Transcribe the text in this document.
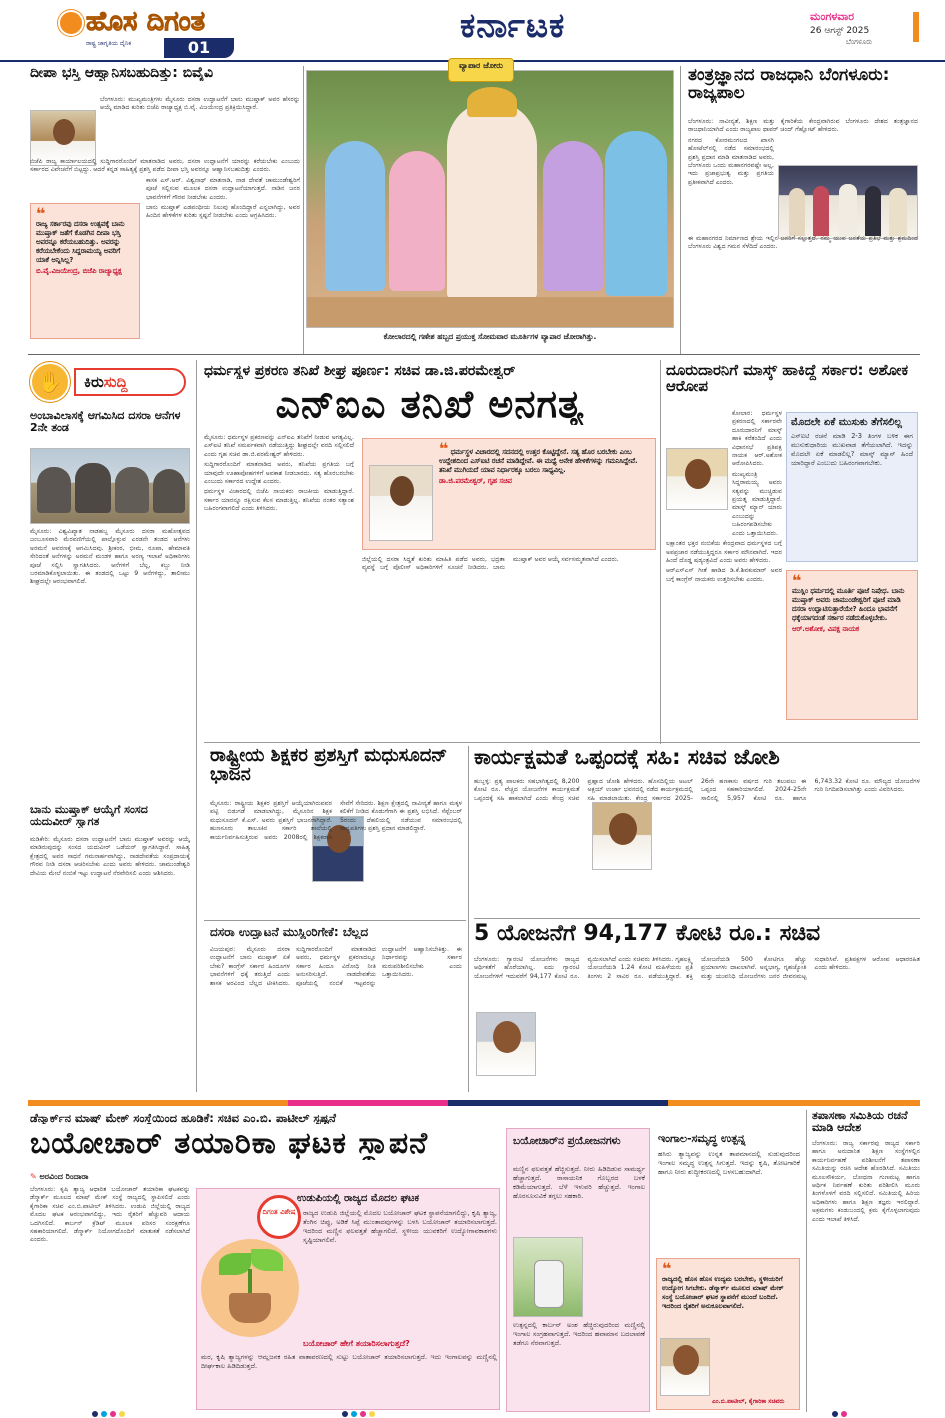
ಹೊಸ ದಿಗಂತ
ರಾಷ್ಟ್ರ ಜಾಗೃತಿಯ ದೈನಿಕ	01
ಕರ್ನಾಟಕ	ಮಂಗಳವಾರ
26 ಆಗಸ್ಟ್ 2025
ಬೆಂಗಳೂರು
ದೀಪಾ ಭಸ್ತಿ ಆಹ್ವಾನಿಸಬಹುದಿತ್ತು: ಬಿವೈವಿ

ಬೆಂಗಳೂರು: ಮುಖ್ಯಮಂತ್ರಿಗಳು ಮೈಸೂರು ದಸರಾ ಉದ್ಘಾಟನೆಗೆ ಬಾನು ಮುಷ್ತಾಕ್ ಅವರ ಹೆಸರನ್ನು ಆಯ್ಕೆ ಮಾಡಿದ ಕುರಿತು ಬಿಜೆಪಿ ರಾಜ್ಯಾಧ್ಯಕ್ಷ ಬಿ.ವೈ. ವಿಜಯೇಂದ್ರ ಪ್ರತಿಕ್ರಿಯಿಸಿದ್ದಾರೆ.

ಬಿಜೆಪಿ ರಾಜ್ಯ ಕಾರ್ಯಾಲಯದಲ್ಲಿ ಸುದ್ದಿಗಾರರೊಂದಿಗೆ ಮಾತನಾಡಿದ ಅವರು, ದಸರಾ ಉದ್ಘಾಟನೆಗೆ ಯಾರನ್ನು ಕರೆಯಬೇಕು ಎಂಬುದು ಸರ್ಕಾರದ ವಿವೇಚನೆಗೆ ಬಿಟ್ಟದ್ದು. ಆದರೆ ಕನ್ನಡ ಸಾಹಿತ್ಯಕ್ಕೆ ಪ್ರಶಸ್ತಿ ಪಡೆದ ದೀಪಾ ಭಸ್ತಿ ಅವರನ್ನೂ ಆಹ್ವಾನಿಸಬಹುದಿತ್ತು ಎಂದರು.

ಕಾಸಕ ಎಸ್.ಆರ್. ವಿಶ್ವನಾಥ್ ಮಾತನಾಡಿ, ನಾಡ ದೇವತೆ ಚಾಮುಂಡೇಶ್ವರಿಗೆ ಪೂಜೆ ಸಲ್ಲಿಸುವ ಮೂಲಕ ದಸರಾ ಉದ್ಘಾಟನೆಯಾಗುತ್ತದೆ. ನಾಡಿನ ಜನರ ಭಾವನೆಗಳಿಗೆ ಗೌರವ ನೀಡಬೇಕು ಎಂದರು.

ಬಾನು ಮುಷ್ತಾಕ್ ಎಡಪಂಥೀಯ ನಿಲುವು ಹೊಂದಿದ್ದಾರೆ ಎನ್ನಲಾಗಿದ್ದು, ಅವರ ಹಿಂದಿನ ಹೇಳಿಕೆಗಳ ಕುರಿತು ಸ್ಪಷ್ಟನೆ ನೀಡಬೇಕು ಎಂದು ಆಗ್ರಹಿಸಿದರು.

❝
ರಾಜ್ಯ ಸರ್ಕಾರವು ದಸರಾ ಉತ್ಸವಕ್ಕೆ ಬಾನು ಮುಷ್ತಾಕ್ ಜತೆಗೆ ಕೊಡಗಿನ ದೀಪಾ ಭಸ್ತಿ ಅವರನ್ನೂ ಕರೆಯಬಹುದಿತ್ತು. ಅವರನ್ನು ಕರೆಯಬೇಕೆಂದು ಸಿದ್ದರಾಮಯ್ಯ ಅವರಿಗೆ ಯಾಕೆ ಅನ್ನಿಸಿಲ್ಲ?
ಬಿ.ವೈ.ವಿಜಯೇಂದ್ರ, ಬಿಜೆಪಿ ರಾಜ್ಯಾಧ್ಯಕ್ಷ
ವ್ಯಾಪಾರ ಜೋರು
ಕೋಲಾರದಲ್ಲಿ ಗಣೇಶ ಹಬ್ಬದ ಪ್ರಯುಕ್ತ ಸೋಮವಾರ ಮೂರ್ತಿಗಳ ವ್ಯಾಪಾರ ಜೋರಾಗಿತ್ತು.
ತಂತ್ರಜ್ಞಾನದ ರಾಜಧಾನಿ ಬೆಂಗಳೂರು: ರಾಜ್ಯಪಾಲ

ಬೆಂಗಳೂರು: ನಾವೀನ್ಯತೆ, ಶಿಕ್ಷಣ ಮತ್ತು ಕೈಗಾರಿಕೆಯ ಕೇಂದ್ರವಾಗಿರುವ ಬೆಂಗಳೂರು ದೇಶದ ತಂತ್ರಜ್ಞಾನದ ರಾಜಧಾನಿಯಾಗಿದೆ ಎಂದು ರಾಜ್ಯಪಾಲ ಥಾವರ್ ಚಂದ್ ಗೆಹ್ಲೋಟ್ ಹೇಳಿದರು.

ನಗರದ ಕೋರಮಂಗಲದ ಖಾಸಗಿ ಹೋಟೆಲ್‌ನಲ್ಲಿ ನಡೆದ ಸಮಾರಂಭದಲ್ಲಿ ಪ್ರಶಸ್ತಿ ಪ್ರದಾನ ಮಾಡಿ ಮಾತನಾಡಿದ ಅವರು, ಬೆಂಗಳೂರು ಒಂದು ಮಹಾನಗರವಷ್ಟೇ ಅಲ್ಲ, ಇದು ಪ್ರಜಾಪ್ರಭುತ್ವ ಮತ್ತು ಪ್ರಗತಿಯ ಪ್ರತೀಕವಾಗಿದೆ ಎಂದರು.

ಈ ಮಹಾನಗರದ ನಿರ್ಮಾಣದ ಶ್ರೇಯ ಇಲ್ಲಿನ ಜನರಿಗೆ ಸಲ್ಲುತ್ತದೆ. ನಮ್ಮ ಯುವ ಜನತೆಯ ಪ್ರತಿಭೆ ಮತ್ತು ಶ್ರಮದಿಂದ ಬೆಂಗಳೂರು ವಿಶ್ವದ ಗಮನ ಸೆಳೆದಿದೆ ಎಂದರು.

✋	ಕಿರುಸುದ್ದಿ
ಅಂಬಾವಿಲಾಸಕ್ಕೆ ಆಗಮಿಸಿದ ದಸರಾ ಆನೆಗಳ 2ನೇ ತಂಡ
ಮೈಸೂರು: ವಿಶ್ವವಿಖ್ಯಾತ ನಾಡಹಬ್ಬ ಮೈಸೂರು ದಸರಾ ಮಹೋತ್ಸವದ ಜಂಬೂಸವಾರಿ ಮೆರವಣಿಗೆಯಲ್ಲಿ ಪಾಲ್ಗೊಳ್ಳುವ ಎರಡನೇ ತಂಡದ ಆನೆಗಳು ಅರಮನೆ ಆವರಣಕ್ಕೆ ಆಗಮಿಸಿದವು. ಶ್ರೀಕಂಠ, ಭೀಮ, ರೂಪಾ, ಹೇಮಾವತಿ ಸೇರಿದಂತೆ ಆನೆಗಳನ್ನು ಅರಮನೆ ಮಂಡಳಿ ಹಾಗೂ ಅರಣ್ಯ ಇಲಾಖೆ ಅಧಿಕಾರಿಗಳು ಪೂಜೆ ಸಲ್ಲಿಸಿ ಸ್ವಾಗತಿಸಿದರು. ಆನೆಗಳಿಗೆ ಬೆಲ್ಲ, ಕಬ್ಬು ನೀಡಿ ಬರಮಾಡಿಕೊಳ್ಳಲಾಯಿತು. ಈ ತಂಡದಲ್ಲಿ ಒಟ್ಟು 9 ಆನೆಗಳಿದ್ದು, ತಾಲೀಮು ಶೀಘ್ರದಲ್ಲೇ ಆರಂಭವಾಗಲಿದೆ.
ಬಾನು ಮುಷ್ತಾಕ್ ಆಯ್ಕೆಗೆ ಸಂಸದ ಯದುವೀರ್ ಸ್ವಾಗತ
ಮಡಿಕೇರಿ: ಮೈಸೂರು ದಸರಾ ಉದ್ಘಾಟನೆಗೆ ಬಾನು ಮುಷ್ತಾಕ್ ಅವರನ್ನು ಆಯ್ಕೆ ಮಾಡಿರುವುದನ್ನು ಸಂಸದ ಯದುವೀರ್ ಒಡೆಯರ್ ಸ್ವಾಗತಿಸಿದ್ದಾರೆ. ಸಾಹಿತ್ಯ ಕ್ಷೇತ್ರದಲ್ಲಿ ಅವರ ಸಾಧನೆ ಗಮನಾರ್ಹವಾಗಿದ್ದು, ನಾಡದೇವತೆಯ ಸಂಪ್ರದಾಯಕ್ಕೆ ಗೌರವ ನೀಡಿ ದಸರಾ ಆಚರಿಸಬೇಕು ಎಂದು ಅವರು ಹೇಳಿದರು. ಚಾಮುಂಡೇಶ್ವರಿ ದೇವಿಯ ಮೇಲೆ ನಂಬಿಕೆ ಇಟ್ಟು ಉದ್ಘಾಟನೆ ನೆರವೇರಿಸಲಿ ಎಂದು ಆಶಿಸಿದರು.
ಧರ್ಮಸ್ಥಳ ಪ್ರಕರಣ ತನಿಖೆ ಶೀಘ್ರ ಪೂರ್ಣ: ಸಚಿವ ಡಾ.ಜಿ.ಪರಮೇಶ್ವರ್
ಎನ್‌ಐಎ ತನಿಖೆ ಅನಗತ್ಯ

ಮೈಸೂರು: ಧರ್ಮಸ್ಥಳ ಪ್ರಕರಣವನ್ನು ಎನ್‌ಐಎ ತನಿಖೆಗೆ ನೀಡುವ ಅಗತ್ಯವಿಲ್ಲ. ಎಸ್‌ಐಟಿ ತನಿಖೆ ಸಮರ್ಪಕವಾಗಿ ನಡೆಯುತ್ತಿದ್ದು ಶೀಘ್ರದಲ್ಲೇ ವರದಿ ಸಲ್ಲಿಸಲಿದೆ ಎಂದು ಗೃಹ ಸಚಿವ ಡಾ.ಜಿ.ಪರಮೇಶ್ವರ್ ಹೇಳಿದರು.

ಸುದ್ದಿಗಾರರೊಂದಿಗೆ ಮಾತನಾಡಿದ ಅವರು, ತನಿಖೆಯ ಪ್ರಗತಿಯ ಬಗ್ಗೆ ಯಾವುದೇ ಊಹಾಪೋಹಗಳಿಗೆ ಅವಕಾಶ ನೀಡಬಾರದು. ಸತ್ಯ ಹೊರಬರಬೇಕು ಎಂಬುದು ಸರ್ಕಾರದ ಉದ್ದೇಶ ಎಂದರು.

ಧರ್ಮಸ್ಥಳ ವಿಚಾರದಲ್ಲಿ ಬಿಜೆಪಿ ನಾಯಕರು ರಾಜಕೀಯ ಮಾಡುತ್ತಿದ್ದಾರೆ. ಸರ್ಕಾರ ಯಾರನ್ನೂ ರಕ್ಷಿಸುವ ಕೆಲಸ ಮಾಡುತ್ತಿಲ್ಲ. ತನಿಖೆಯ ನಂತರ ಸತ್ಯಾಂಶ ಬಹಿರಂಗವಾಗಲಿದೆ ಎಂದು ತಿಳಿಸಿದರು.

❝ ಧರ್ಮಸ್ಥಳ ವಿಚಾರದಲ್ಲಿ ಸದನದಲ್ಲಿ ಉತ್ತರ ಕೊಟ್ಟಿದ್ದೇನೆ. ಸತ್ಯ ಹೊರ ಬರಬೇಕು ಎಂಬ ಉದ್ದೇಶದಿಂದ ಎಸ್‌ಐಟಿ ರಚನೆ ಮಾಡಿದ್ದೇವೆ. ಈ ಮಧ್ಯೆ ಅನೇಕ ಹೇಳಿಕೆಗಳನ್ನು ಗಮನಿಸಿದ್ದೇವೆ. ತನಿಖೆ ಮುಗಿಯದೆ ಯಾವ ನಿರ್ಧಾರಕ್ಕೂ ಬರಲು ಸಾಧ್ಯವಿಲ್ಲ.
ಡಾ.ಜಿ.ಪರಮೇಶ್ವರ್, ಗೃಹ ಸಚಿವ
ಜಿಲ್ಲೆಯಲ್ಲಿ ದಸರಾ ಸಿದ್ಧತೆ ಕುರಿತು ಮಾಹಿತಿ ಪಡೆದ ಅವರು, ಭದ್ರತಾ ವ್ಯವಸ್ಥೆ ಬಗ್ಗೆ ಪೊಲೀಸ್ ಅಧಿಕಾರಿಗಳಿಗೆ ಸೂಚನೆ ನೀಡಿದರು. ಬಾನು ಮುಷ್ತಾಕ್ ಅವರ ಆಯ್ಕೆ ಸರ್ವಸಮ್ಮತವಾಗಿದೆ ಎಂದರು.
ದೂರುದಾರನಿಗೆ ಮಾಸ್ಕ್ ಹಾಕಿದ್ದೆ ಸರ್ಕಾರ: ಅಶೋಕ ಆರೋಪ

ಕೋಲಾರ: ಧರ್ಮಸ್ಥಳ ಪ್ರಕರಣದಲ್ಲಿ ಸರ್ಕಾರವೇ ದೂರುದಾರನಿಗೆ ಮಾಸ್ಕ್ ಹಾಕಿ ಕರೆತಂದಿದೆ ಎಂದು ವಿಧಾನಸಭೆ ಪ್ರತಿಪಕ್ಷ ನಾಯಕ ಆರ್.ಅಶೋಕ ಆರೋಪಿಸಿದರು.

ಮುಖ್ಯಮಂತ್ರಿ ಸಿದ್ದರಾಮಯ್ಯ ಅವರು ಸತ್ಯವನ್ನು ಮುಚ್ಚಿಡುವ ಪ್ರಯತ್ನ ಮಾಡುತ್ತಿದ್ದಾರೆ. ಮಾಸ್ಕ್ ಮ್ಯಾನ್ ಯಾರು ಎಂಬುದನ್ನು ಬಹಿರಂಗಪಡಿಸಬೇಕು ಎಂದು ಒತ್ತಾಯಿಸಿದರು.

ಲಕ್ಷಾಂತರ ಭಕ್ತರ ನಂಬಿಕೆಯ ಕೇಂದ್ರವಾದ ಧರ್ಮಸ್ಥಳದ ಬಗ್ಗೆ ಅಪಪ್ರಚಾರ ನಡೆಯುತ್ತಿದ್ದರೂ ಸರ್ಕಾರ ಮೌನವಾಗಿದೆ. ಇದರ ಹಿಂದೆ ದೊಡ್ಡ ಷಡ್ಯಂತ್ರವಿದೆ ಎಂದು ಅವರು ಹೇಳಿದರು.

ಆರ್‌ಎಸ್‌ಎಸ್ ಗೀತೆ ಹಾಡಿದ ಡಿ.ಕೆ.ಶಿವಕುಮಾರ್ ಅವರ ಬಗ್ಗೆ ಕಾಂಗ್ರೆಸ್ ನಾಯಕರು ಉತ್ತರಿಸಬೇಕು ಎಂದರು.

ಮೊದಲೇ ಏಕೆ ಮುಸುಕು ತೆಗೆಸಲಿಲ್ಲ
ಎಸ್‌ಐಟಿ ರಚನೆ ಮಾಡಿ 2-3 ತಿಂಗಳ ಬಳಿಕ ಈಗ ಮುಸುಕುಧಾರಿಯ ಮುಖವಾಡ ತೆಗೆಯಲಾಗಿದೆ. ಇದನ್ನು ಮೊದಲೇ ಏಕೆ ಮಾಡಲಿಲ್ಲ? ಮಾಸ್ಕ್ ಮ್ಯಾನ್ ಹಿಂದೆ ಯಾರಿದ್ದಾರೆ ಎಂಬುದು ಬಹಿರಂಗವಾಗಬೇಕು.
❝
ಮುಸ್ಲಿಂ ಧರ್ಮದಲ್ಲಿ ಮೂರ್ತಿ ಪೂಜೆ ನಿಷೇಧ. ಬಾನು ಮುಷ್ತಾಕ್ ಅವರು ಚಾಮುಂಡೇಶ್ವರಿಗೆ ಪೂಜೆ ಮಾಡಿ ದಸರಾ ಉದ್ಘಾಟಿಸುತ್ತಾರೆಯೇ? ಹಿಂದೂ ಭಾವನೆಗೆ ಧಕ್ಕೆಯಾಗದಂತೆ ಸರ್ಕಾರ ನಡೆದುಕೊಳ್ಳಬೇಕು.
ಆರ್.ಅಶೋಕ, ವಿಪಕ್ಷ ನಾಯಕ
ರಾಷ್ಟ್ರೀಯ ಶಿಕ್ಷಕರ ಪ್ರಶಸ್ತಿಗೆ ಮಧುಸೂದನ್ ಭಾಜನ
ಮೈಸೂರು: ರಾಷ್ಟ್ರೀಯ ಶಿಕ್ಷಕರ ಪ್ರಶಸ್ತಿಗೆ ಆಯ್ಕೆಯಾಗಿರುವವರ ಪಟ್ಟಿ ಬಿಡುಗಡೆ ಮಾಡಲಾಗಿದ್ದು, ಮೈಸೂರಿನ ಶಿಕ್ಷಕ ಮಧುಸೂದನ್ ಕೆ.ಎಸ್. ಅವರು ಪ್ರಶಸ್ತಿಗೆ ಭಾಜನರಾಗಿದ್ದಾರೆ. ಹುಣಸೂರು ತಾಲೂಕಿನ ಸರ್ಕಾರಿ ಶಾಲೆಯಲ್ಲಿ ಕಾರ್ಯನಿರ್ವಹಿಸುತ್ತಿರುವ ಅವರು 2008ರಲ್ಲಿ ಶಿಕ್ಷಕರಾಗಿ ಸೇವೆಗೆ ಸೇರಿದರು. ಶಿಕ್ಷಣ ಕ್ಷೇತ್ರದಲ್ಲಿ ನಾವೀನ್ಯತೆ ಹಾಗೂ ಮಕ್ಕಳ ಕಲಿಕೆಗೆ ನೀಡಿದ ಕೊಡುಗೆಗಾಗಿ ಈ ಪ್ರಶಸ್ತಿ ಲಭಿಸಿದೆ. ಸೆಪ್ಟೆಂಬರ್ 5ರಂದು ದೆಹಲಿಯಲ್ಲಿ ನಡೆಯುವ ಸಮಾರಂಭದಲ್ಲಿ ರಾಷ್ಟ್ರಪತಿಗಳು ಪ್ರಶಸ್ತಿ ಪ್ರದಾನ ಮಾಡಲಿದ್ದಾರೆ.
ದಸರಾ ಉದ್ಘಾಟನೆ ಮುಸ್ಲಿಂರಿಗೇಕೆ: ಬೆಲ್ಲದ
ವಿಜಯಪುರ: ಮೈಸೂರು ದಸರಾ ಉದ್ಘಾಟನೆಗೆ ಬಾನು ಮುಷ್ತಾಕ್ ಏಕೆ ಬೇಕು? ಕಾಂಗ್ರೆಸ್ ಸರ್ಕಾರ ಹಿಂದೂಗಳ ಭಾವನೆಗಳಿಗೆ ಧಕ್ಕೆ ತರುತ್ತಿದೆ ಎಂದು ಶಾಸಕ ಅರವಿಂದ ಬೆಲ್ಲದ ಟೀಕಿಸಿದರು. ಸುದ್ದಿಗಾರರೊಂದಿಗೆ ಮಾತನಾಡಿದ ಅವರು, ಧರ್ಮಸ್ಥಳ ಪ್ರಕರಣದಲ್ಲೂ ಸರ್ಕಾರ ಹಿಂದೂ ವಿರೋಧಿ ನೀತಿ ಅನುಸರಿಸುತ್ತಿದೆ. ನಾಡದೇವತೆಯ ಪೂಜೆಯಲ್ಲಿ ನಂಬಿಕೆ ಇಟ್ಟವರನ್ನು ಉದ್ಘಾಟನೆಗೆ ಆಹ್ವಾನಿಸಬೇಕಿತ್ತು. ಈ ನಿರ್ಧಾರವನ್ನು ಸರ್ಕಾರ ಮರುಪರಿಶೀಲಿಸಬೇಕು ಎಂದು ಒತ್ತಾಯಿಸಿದರು.
ಕಾರ್ಯಕ್ಷಮತೆ ಒಪ್ಪಂದಕ್ಕೆ ಸಹಿ: ಸಚಿವ ಜೋಶಿ
ಹುಬ್ಬಳ್ಳಿ: ಪ್ರತ್ಯ ಪಾಲಕರು ಸಹಭಾಗಿತ್ವದಲ್ಲಿ 8,200 ಕೋಟಿ ರೂ. ವೆಚ್ಚದ ಯೋಜನೆಗಳ ಕಾರ್ಯಕ್ಷಮತೆ ಒಪ್ಪಂದಕ್ಕೆ ಸಹಿ ಹಾಕಲಾಗಿದೆ ಎಂದು ಕೇಂದ್ರ ಸಚಿವ ಪ್ರಹ್ಲಾದ ಜೋಶಿ ಹೇಳಿದರು. ಹೊಸದಿಲ್ಲಿಯ ಅಟಲ್ ಅಕ್ಷಯ್ ಉರ್ಜಾ ಭವನದಲ್ಲಿ ನಡೆದ ಕಾರ್ಯಕ್ರಮದಲ್ಲಿ ಸಹಿ ಮಾಡಲಾಯಿತು. ಕೇಂದ್ರ ಸರ್ಕಾರದ 2025-26ನೇ ಹಣಕಾಸು ವರ್ಷದ ಗುರಿ ತಲುಪಲು ಈ ಒಪ್ಪಂದ ಸಹಕಾರಿಯಾಗಲಿದೆ. 2024-25ನೇ ಸಾಲಿನಲ್ಲಿ 5,957 ಕೋಟಿ ರೂ. ಹಾಗೂ 6,743.32 ಕೋಟಿ ರೂ. ಮೌಲ್ಯದ ಯೋಜನೆಗಳ ಗುರಿ ನಿಗದಿಪಡಿಸಲಾಗಿತ್ತು ಎಂದು ವಿವರಿಸಿದರು.
5 ಯೋಜನೆಗೆ 94,177 ಕೋಟಿ ರೂ.: ಸಚಿವ
ಬೆಂಗಳೂರು: ಗ್ಯಾರಂಟಿ ಯೋಜನೆಗಳು ರಾಜ್ಯದ ಆರ್ಥಿಕತೆಗೆ ಹೊರೆಯಾಗಿಲ್ಲ. ಐದು ಗ್ಯಾರಂಟಿ ಯೋಜನೆಗಳಿಗೆ ಇದುವರೆಗೆ 94,177 ಕೋಟಿ ರೂ. ವ್ಯಯಿಸಲಾಗಿದೆ ಎಂದು ಸಚಿವರು ತಿಳಿಸಿದರು. ಗೃಹಲಕ್ಷ್ಮಿ ಯೋಜನೆಯಡಿ 1.24 ಕೋಟಿ ಮಹಿಳೆಯರು ಪ್ರತಿ ತಿಂಗಳು 2 ಸಾವಿರ ರೂ. ಪಡೆಯುತ್ತಿದ್ದಾರೆ. ಶಕ್ತಿ ಯೋಜನೆಯಡಿ 500 ಕೋಟಿಗೂ ಹೆಚ್ಚು ಪ್ರಯಾಣಗಳು ದಾಖಲಾಗಿವೆ. ಅನ್ನಭಾಗ್ಯ, ಗೃಹಜ್ಯೋತಿ ಮತ್ತು ಯುವನಿಧಿ ಯೋಜನೆಗಳು ಜನರ ಜೀವನಮಟ್ಟ ಸುಧಾರಿಸಿವೆ. ಪ್ರತಿಪಕ್ಷಗಳ ಆರೋಪ ಆಧಾರರಹಿತ ಎಂದು ಹೇಳಿದರು.
ಡೆನ್ಮಾರ್ಕ್‌ನ ಮಾಷ್ ಮೇಕ್ ಸಂಸ್ಥೆಯಿಂದ ಹೂಡಿಕೆ: ಸಚಿವ ಎಂ.ಬಿ. ಪಾಟೀಲ್ ಸ್ಪಷ್ಟನೆ
ಬಯೋಚಾರ್ ತಯಾರಿಕಾ ಘಟಕ ಸ್ಥಾಪನೆ
✎ ಅರವಿಂದ ರಿಂದಾರಾ
ಬೆಂಗಳೂರು: ಕೃಷಿ ತ್ಯಾಜ್ಯ ಆಧಾರಿತ ಬಯೋಚಾರ್ ತಯಾರಿಕಾ ಘಟಕವನ್ನು ಡೆನ್ಮಾರ್ಕ್ ಮೂಲದ ಮಾಷ್ ಮೇಕ್ ಸಂಸ್ಥೆ ರಾಜ್ಯದಲ್ಲಿ ಸ್ಥಾಪಿಸಲಿದೆ ಎಂದು ಕೈಗಾರಿಕಾ ಸಚಿವ ಎಂ.ಬಿ.ಪಾಟೀಲ್ ತಿಳಿಸಿದರು. ಉಡುಪಿ ಜಿಲ್ಲೆಯಲ್ಲಿ ರಾಜ್ಯದ ಮೊದಲ ಘಟಕ ಆರಂಭವಾಗಲಿದ್ದು, ಇದು ರೈತರಿಗೆ ಹೆಚ್ಚುವರಿ ಆದಾಯ ಒದಗಿಸಲಿದೆ. ಕಾರ್ಬನ್ ಕ್ರೆಡಿಟ್ ಮೂಲಕ ಪರಿಸರ ಸಂರಕ್ಷಣೆಗೂ ಸಹಕಾರಿಯಾಗಲಿದೆ. ಡೆನ್ಮಾರ್ಕ್ ನಿಯೋಗದೊಂದಿಗೆ ಮಾತುಕತೆ ನಡೆಸಲಾಗಿದೆ ಎಂದರು.
ಉಡುಪಿಯಲ್ಲಿ ರಾಜ್ಯದ ಮೊದಲ ಘಟಕ
ದಿಗಂತ ವಿಶೇಷ	ರಾಜ್ಯದ ಉಡುಪಿ ಜಿಲ್ಲೆಯಲ್ಲಿ ಮೊದಲ ಬಯೋಚಾರ್ ಘಟಕ ಸ್ಥಾಪನೆಯಾಗಲಿದ್ದು, ಕೃಷಿ ತ್ಯಾಜ್ಯ, ತೆಂಗಿನ ಚಿಪ್ಪು, ಅಡಿಕೆ ಸಿಪ್ಪೆ ಮುಂತಾದವುಗಳನ್ನು ಬಳಸಿ ಬಯೋಚಾರ್ ತಯಾರಿಸಲಾಗುತ್ತದೆ. ಇದರಿಂದ ಮಣ್ಣಿನ ಫಲವತ್ತತೆ ಹೆಚ್ಚಾಗಲಿದೆ. ಸ್ಥಳೀಯ ಯುವಕರಿಗೆ ಉದ್ಯೋಗಾವಕಾಶಗಳು ಸೃಷ್ಟಿಯಾಗಲಿವೆ.
ಬಯೋಚಾರ್ ಹೇಗೆ ತಯಾರಿಸಲಾಗುತ್ತದೆ?
ಮರ, ಕೃಷಿ ತ್ಯಾಜ್ಯಗಳನ್ನು ಆಮ್ಲಜನಕ ರಹಿತ ವಾತಾವರಣದಲ್ಲಿ ಸುಟ್ಟು ಬಯೋಚಾರ್ ತಯಾರಿಸಲಾಗುತ್ತದೆ. ಇದು ಇಂಗಾಲವನ್ನು ಮಣ್ಣಿನಲ್ಲಿ ದೀರ್ಘಕಾಲ ಹಿಡಿದಿಡುತ್ತದೆ.
ಬಯೋಚಾರ್‌ನ ಪ್ರಯೋಜನಗಳು
ಮಣ್ಣಿನ ಫಲವತ್ತತೆ ಹೆಚ್ಚಿಸುತ್ತದೆ. ನೀರು ಹಿಡಿದಿಡುವ ಸಾಮರ್ಥ್ಯ ಹೆಚ್ಚಾಗುತ್ತದೆ. ರಾಸಾಯನಿಕ ಗೊಬ್ಬರದ ಬಳಕೆ ಕಡಿಮೆಯಾಗುತ್ತದೆ. ಬೆಳೆ ಇಳುವರಿ ಹೆಚ್ಚುತ್ತದೆ. ಇಂಗಾಲ ಹೊರಸೂಸುವಿಕೆ ತಗ್ಗಲು ಸಹಕಾರಿ.
ಉತ್ಪನ್ನದಲ್ಲಿ ಕಾರ್ಬನ್ ಅಂಶ ಹೆಚ್ಚಿರುವುದರಿಂದ ಮಣ್ಣಿನಲ್ಲಿ ಇಂಗಾಲ ಸಂಗ್ರಹವಾಗುತ್ತದೆ. ಇದರಿಂದ ಹವಾಮಾನ ಬದಲಾವಣೆ ತಡೆಗೂ ನೆರವಾಗುತ್ತದೆ.
ಇಂಗಾಲ-ಸಮೃದ್ಧ ಉತ್ಪನ್ನ
ಹಸಿರು ತ್ಯಾಜ್ಯವನ್ನು ಉನ್ನತ ತಾಪಮಾನದಲ್ಲಿ ಸುಡುವುದರಿಂದ ಇಂಗಾಲ ಸಮೃದ್ಧ ಉತ್ಪನ್ನ ಸಿಗುತ್ತದೆ. ಇದನ್ನು ಕೃಷಿ, ತೋಟಗಾರಿಕೆ ಹಾಗೂ ನೀರು ಶುದ್ಧೀಕರಣದಲ್ಲಿ ಬಳಸಬಹುದಾಗಿದೆ.
❝
ರಾಜ್ಯದಲ್ಲಿ ಹೊಸ ಹೊಸ ಉದ್ಯಮ ಬರಬೇಕು, ಸ್ಥಳೀಯರಿಗೆ ಉದ್ಯೋಗ ಸಿಗಬೇಕು. ಡೆನ್ಮಾರ್ಕ್ ಮೂಲದ ಮಾಷ್ ಮೇಕ್ ಸಂಸ್ಥೆ ಬಯೋಚಾರ್ ಘಟಕ ಸ್ಥಾಪನೆಗೆ ಮುಂದೆ ಬಂದಿದೆ. ಇದರಿಂದ ರೈತರಿಗೆ ಅನುಕೂಲವಾಗಲಿದೆ.
ಎಂ.ಬಿ.ಪಾಟೀಲ್, ಕೈಗಾರಿಕಾ ಸಚಿವರು
ತಪಾಸಣಾ ಸಮಿತಿಯ ರಚನೆ ಮಾಡಿ ಆದೇಶ
ಬೆಂಗಳೂರು: ರಾಜ್ಯ ಸರ್ಕಾರವು ರಾಜ್ಯದ ಸರ್ಕಾರಿ ಹಾಗೂ ಅನುದಾನಿತ ಶಿಕ್ಷಣ ಸಂಸ್ಥೆಗಳಲ್ಲಿನ ಕಾರ್ಯನಿರ್ವಹಣೆ ಪರಿಶೀಲನೆಗೆ ತಪಾಸಣಾ ಸಮಿತಿಯನ್ನು ರಚಿಸಿ ಆದೇಶ ಹೊರಡಿಸಿದೆ. ಸಮಿತಿಯು ಮೂಲಸೌಕರ್ಯ, ಬೋಧನಾ ಗುಣಮಟ್ಟ ಹಾಗೂ ಆರ್ಥಿಕ ನಿರ್ವಹಣೆ ಕುರಿತು ಪರಿಶೀಲಿಸಿ ಮೂರು ತಿಂಗಳೊಳಗೆ ವರದಿ ಸಲ್ಲಿಸಲಿದೆ. ಸಮಿತಿಯಲ್ಲಿ ಹಿರಿಯ ಅಧಿಕಾರಿಗಳು ಹಾಗೂ ಶಿಕ್ಷಣ ತಜ್ಞರು ಇರಲಿದ್ದಾರೆ. ಅಕ್ರಮಗಳು ಕಂಡುಬಂದಲ್ಲಿ ಕ್ರಮ ಕೈಗೊಳ್ಳಲಾಗುವುದು ಎಂದು ಇಲಾಖೆ ತಿಳಿಸಿದೆ.
